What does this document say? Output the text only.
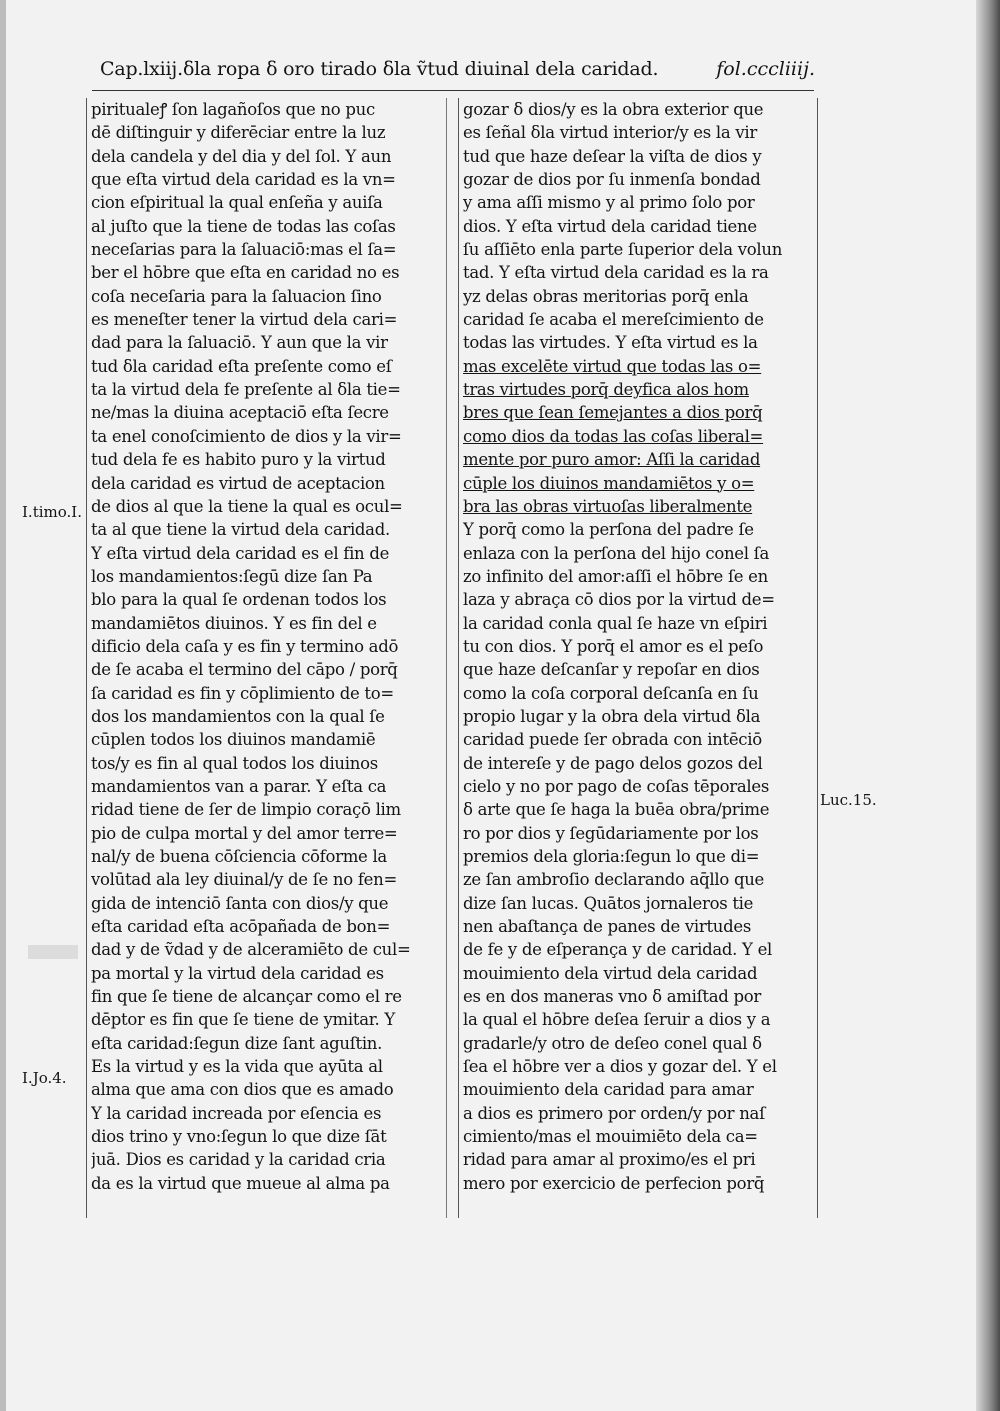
Cap.lxiij.δla ropa δ oro tirado δla ṽtud diuinal dela caridad.	fol.cccliiij.
piritualeꝭ ſon lagañoſos que no puc
dē diſtinguir y diferēciar entre la luz
dela candela y del dia y del ſol. Y aun
que eſta virtud dela caridad es la vn=
cion eſpiritual la qual enſeña y auiſa
al juſto que la tiene de todas las coſas
neceſarias para la ſaluaciō:mas el ſa=
ber el hōbre que eſta en caridad no es
coſa neceſaria para la ſaluacion ſino
es meneſter tener la virtud dela cari=
dad para la ſaluaciō. Y aun que la vir
tud δla caridad eſta preſente como eſ
ta la virtud dela fe preſente al δla tie=
ne/mas la diuina aceptaciō eſta ſecre
ta enel conoſcimiento de dios y la vir=
tud dela fe es habito puro y la virtud
dela caridad es virtud de aceptacion
de dios al que la tiene la qual es ocul=
ta al que tiene la virtud dela caridad.
Y eſta virtud dela caridad es el fin de
los mandamientos:ſegū dize ſan Pa
blo para la qual ſe ordenan todos los
mandamiētos diuinos. Y es fin del e
dificio dela caſa y es fin y termino adō
de ſe acaba el termino del cāpo / porq̄
ſa caridad es fin y cōplimiento de to=
dos los mandamientos con la qual ſe
cūplen todos los diuinos mandamiē
tos/y es fin al qual todos los diuinos
mandamientos van a parar. Y eſta ca
ridad tiene de ſer de limpio coraçō lim
pio de culpa mortal y del amor terre=
nal/y de buena cōſciencia cōforme la
volūtad ala ley diuinal/y de ſe no fen=
gida de intenciō ſanta con dios/y que
eſta caridad eſta acōpañada de bon=
dad y de ṽdad y de alceramiēto de cul=
pa mortal y la virtud dela caridad es
fin que ſe tiene de alcançar como el re
dēptor es fin que ſe tiene de ymitar. Y
eſta caridad:ſegun dize ſant aguſtin.
Es la virtud y es la vida que ayūta al
alma que ama con dios que es amado
Y la caridad increada por eſencia es
dios trino y vno:ſegun lo que dize ſāt
juā. Dios es caridad y la caridad cria
da es la virtud que mueue al alma pa
gozar δ dios/y es la obra exterior que
es ſeñal δla virtud interior/y es la vir
tud que haze deſear la viſta de dios y
gozar de dios por ſu inmenſa bondad
y ama aſſi mismo y al primo ſolo por
dios. Y eſta virtud dela caridad tiene
ſu aſſiēto enla parte ſuperior dela volun
tad. Y eſta virtud dela caridad es la ra
yz delas obras meritorias porq̄ enla
caridad ſe acaba el mereſcimiento de
todas las virtudes. Y eſta virtud es la
mas excelēte virtud que todas las o=
tras virtudes porq̄ deyfica alos hom
bres que ſean ſemejantes a dios porq̄
como dios da todas las coſas liberal=
mente por puro amor: Aſſi la caridad
cūple los diuinos mandamiētos y o=
bra las obras virtuoſas liberalmente
Y porq̄ como la perſona del padre ſe
enlaza con la perſona del hijo conel ſa
zo infinito del amor:aſſi el hōbre ſe en
laza y abraça cō dios por la virtud de=
la caridad conla qual ſe haze vn eſpiri
tu con dios. Y porq̄ el amor es el peſo
que haze deſcanſar y repoſar en dios
como la coſa corporal deſcanſa en ſu
propio lugar y la obra dela virtud δla
caridad puede ſer obrada con intēciō
de intereſe y de pago delos gozos del
cielo y no por pago de coſas tēporales
δ arte que ſe haga la buēa obra/prime
ro por dios y ſegūdariamente por los
premios dela gloria:ſegun lo que di=
ze ſan ambroſio declarando aq̄llo que
dize ſan lucas. Quātos jornaleros tie
nen abaſtança de panes de virtudes
de fe y de eſperança y de caridad. Y el
mouimiento dela virtud dela caridad
es en dos maneras vno δ amiſtad por
la qual el hōbre deſea ſeruir a dios y a
gradarle/y otro de deſeo conel qual δ
ſea el hōbre ver a dios y gozar del. Y el
mouimiento dela caridad para amar
a dios es primero por orden/y por naſ
cimiento/mas el mouimiēto dela ca=
ridad para amar al proximo/es el pri
mero por exercicio de perfecion porq̄
I.timo.I.
I.Jo.4.
Luc.15.
